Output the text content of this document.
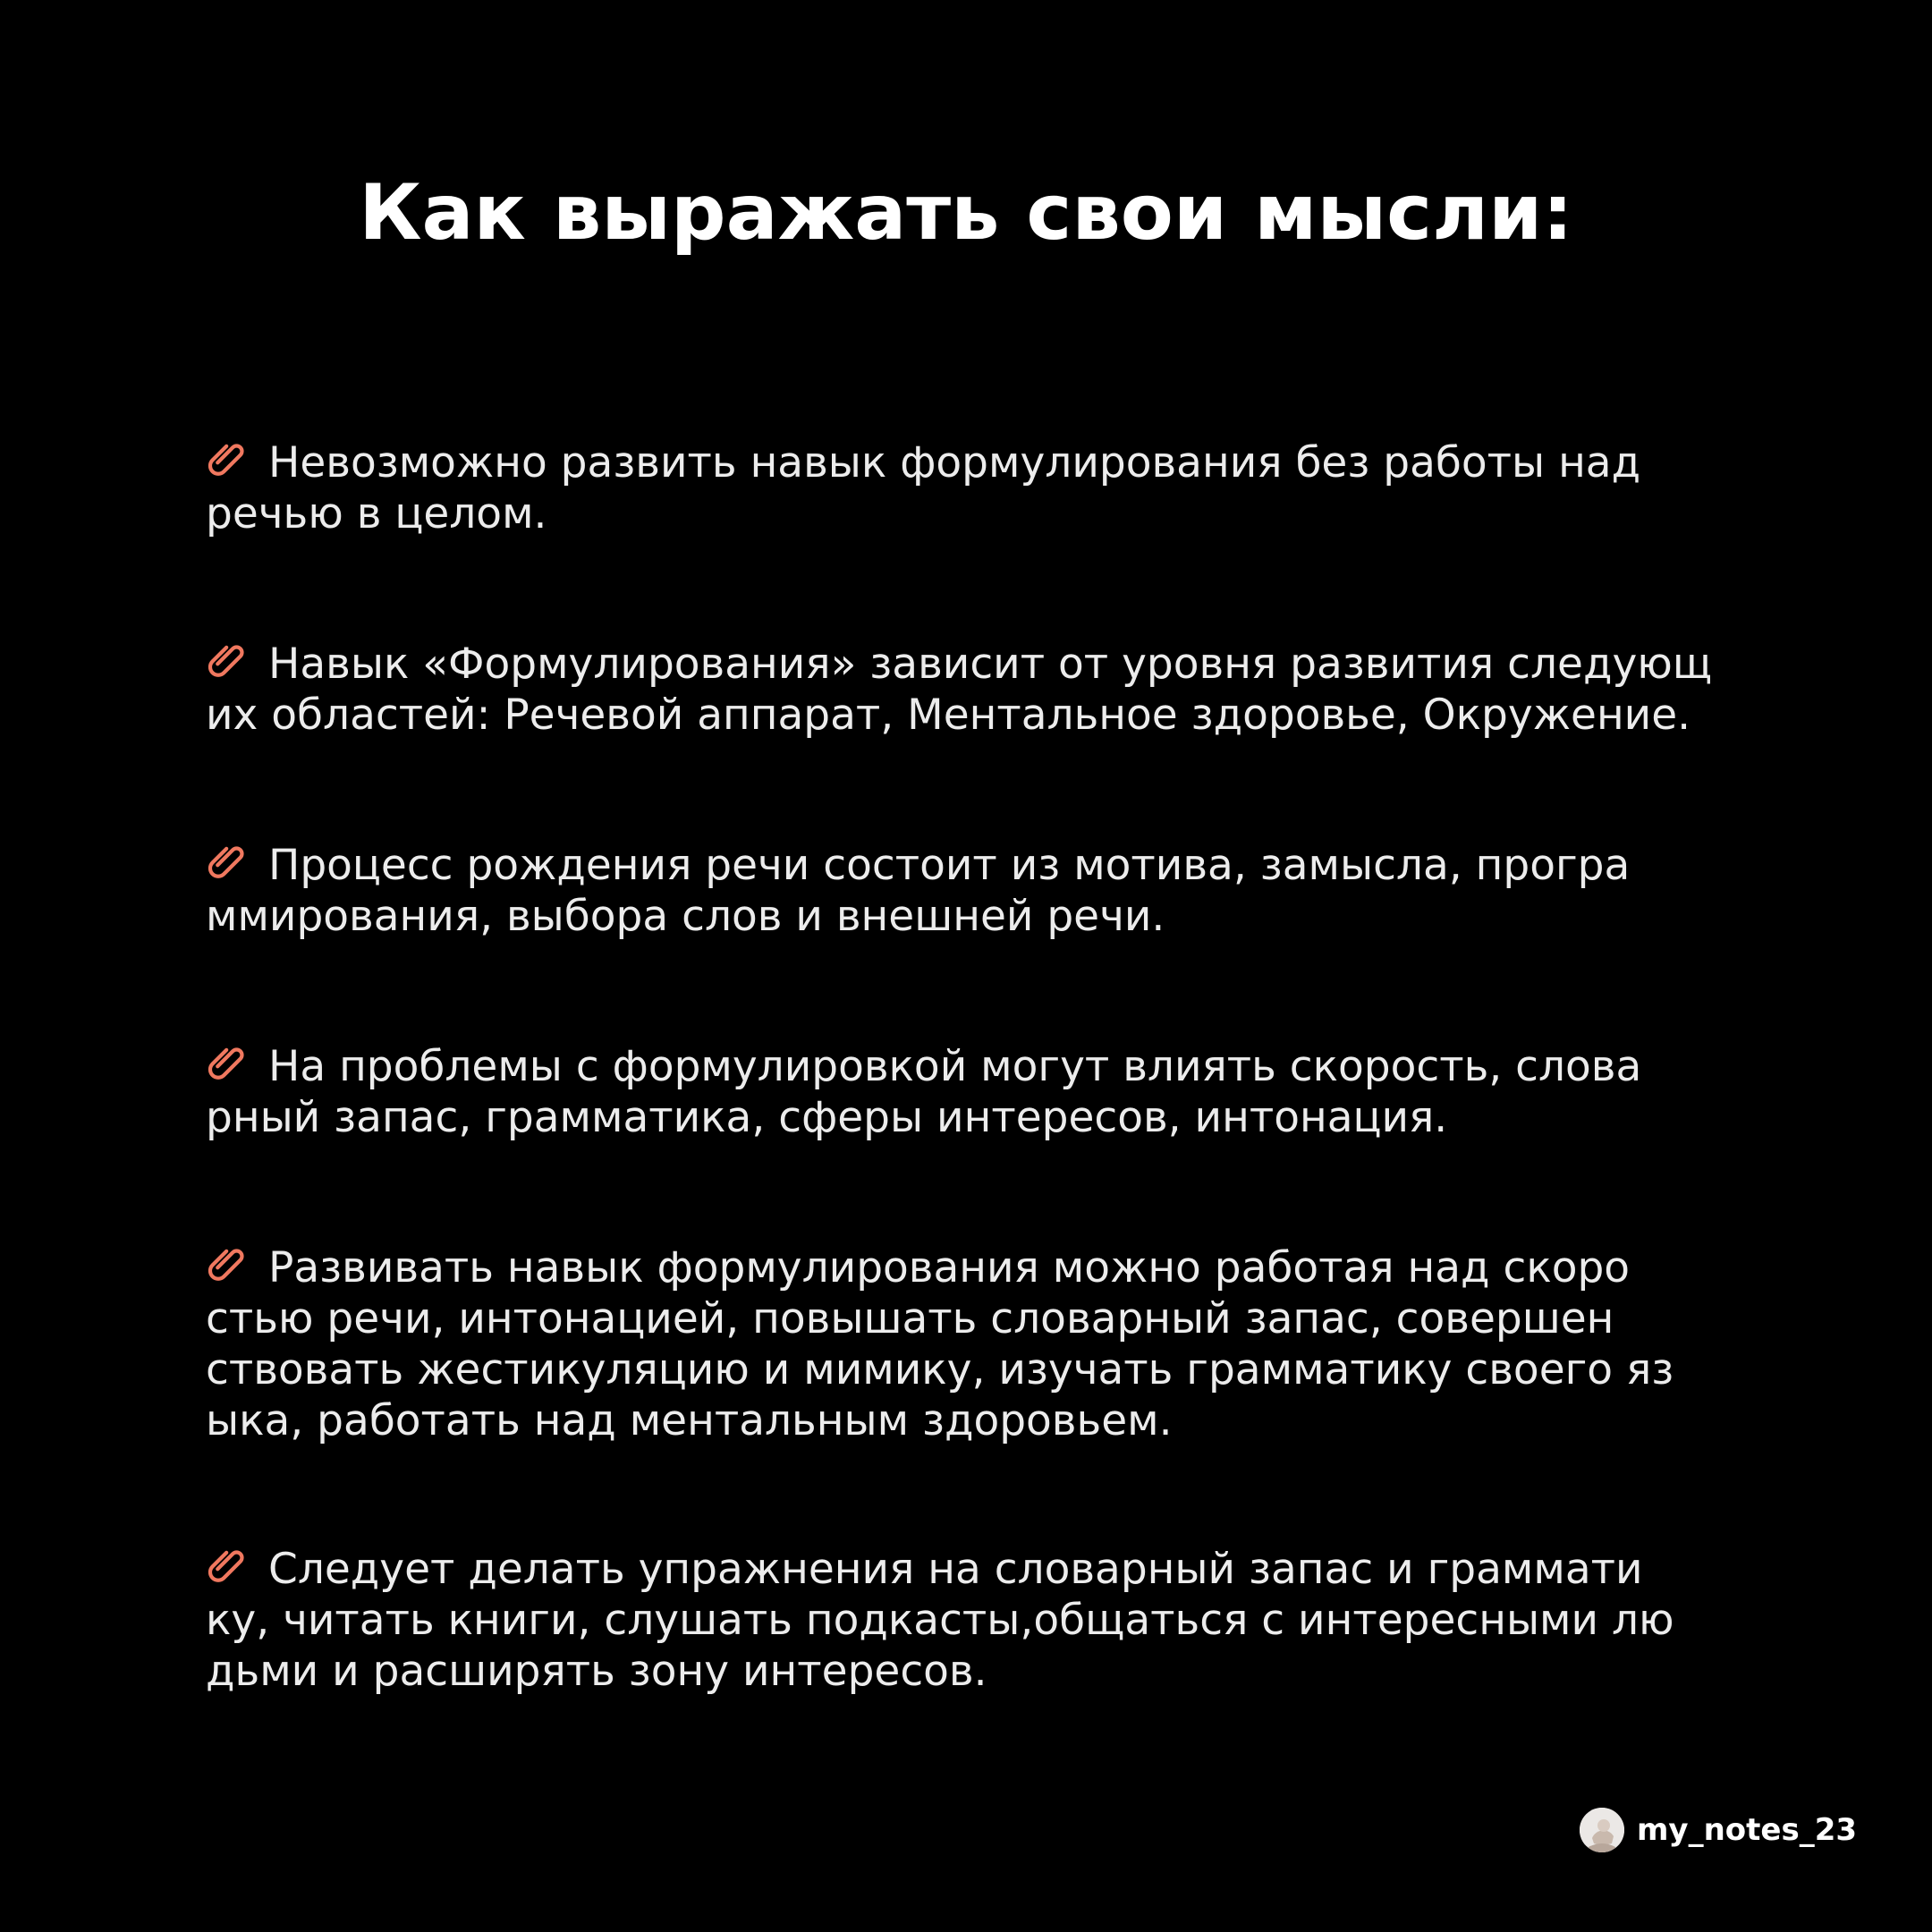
Как выражать свои мысли:

Невозможно развить навык формулирования без работы над
речью в целом.

Навык «Формулирования» зависит от уровня развития следующ
их областей: Речевой аппарат, Ментальное здоровье, Окружение.

Процесс рождения речи состоит из мотива, замысла, програ
ммирования, выбора слов и внешней речи.

На проблемы с формулировкой могут влиять скорость, слова
рный запас, грамматика, сферы интересов, интонация.

Развивать навык формулирования можно работая над скоро
стью речи, интонацией, повышать словарный запас, совершен
ствовать жестикуляцию и мимику, изучать грамматику своего яз
ыка, работать над ментальным здоровьем.

Следует делать упражнения на словарный запас и граммати
ку, читать книги, слушать подкасты,общаться с интересными лю
дьми и расширять зону интересов.

my_notes_23
